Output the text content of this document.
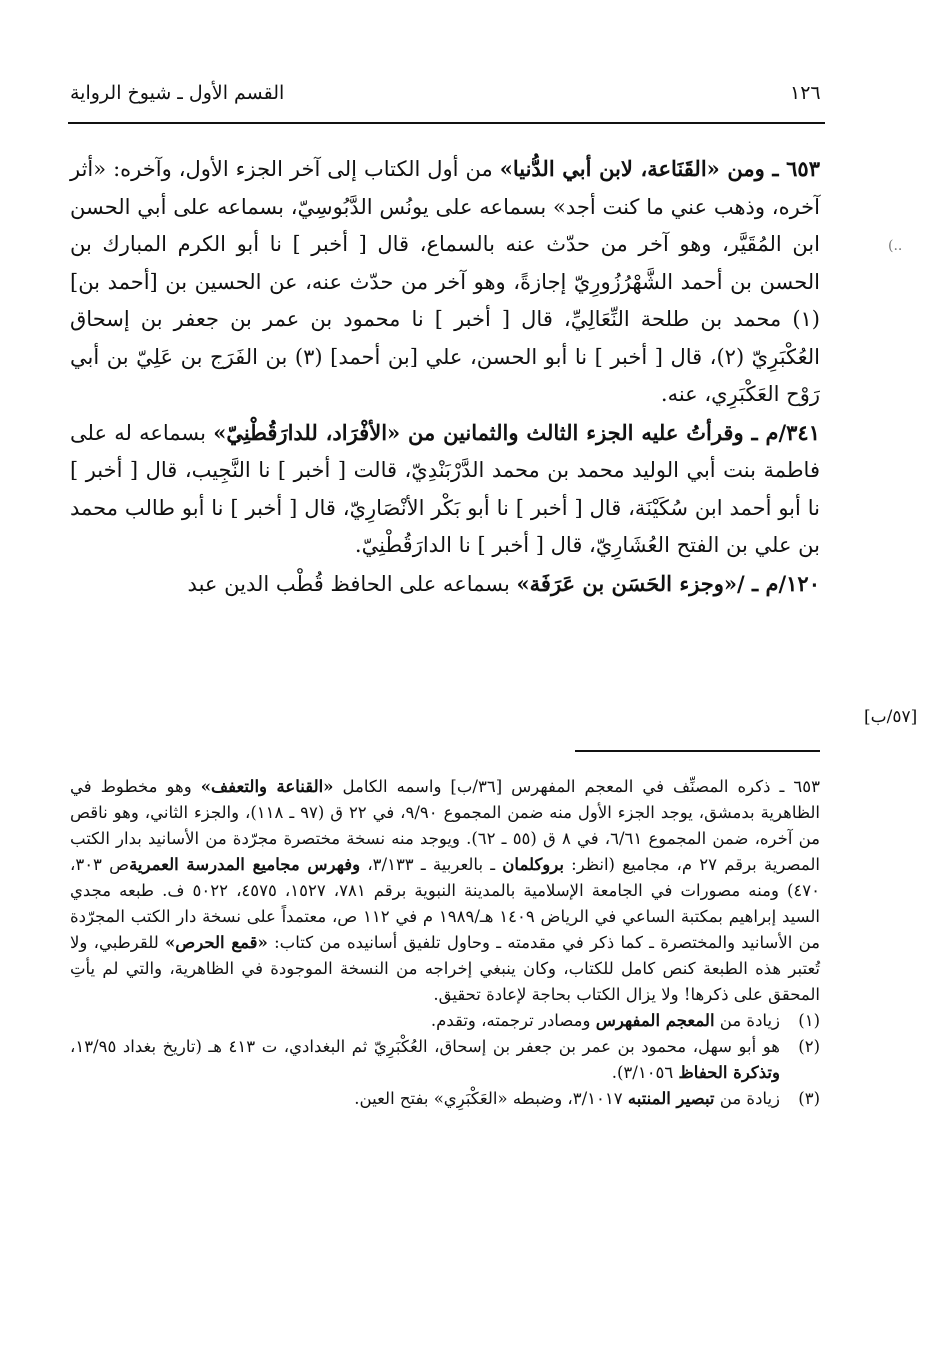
١٢٦
القسم الأول ـ شيوخ الرواية
(..
[٥٧/ب]

٦٥٣ ـ ومن «القَنَاعة، لابن أبي الدُّنيا» من أول الكتاب إلى آخر الجزء الأول، وآخره: «أثر آخره، وذهب عني ما كنت أجد» بسماعه على يونُس الدَّبُوسِيّ، بسماعه على أبي الحسن ابن المُقَيَّر، وهو آخر من حدّث عنه بالسماع، قال [ أخبر ] نا أبو الكرم المبارك بن الحسن بن أحمد الشَّهْرُزُورِيّ إجازةً، وهو آخر من حدّث عنه، عن الحسين بن [أحمد بن] (١) محمد بن طلحة النِّعَالِيِّ، قال [ أخبر ] نا محمود بن عمر بن جعفر بن إسحاق العُكْبَرِيّ (٢)، قال [ أخبر ] نا أبو الحسن، علي [بن أحمد] (٣) بن الفَرَج بن عَلِيّ بن أبي رَوْح العَكْبَرِي، عنه.

٣٤١/م ـ وقرأتُ عليه الجزء الثالث والثمانين من «الأفْرَاد، للدارَقُطْنِيّ» بسماعه له على فاطمة بنت أبي الوليد محمد بن محمد الدَّرْبَنْدِيّ، قالت [ أخبر ] نا النَّجِيب، قال [ أخبر ] نا أبو أحمد ابن سُكَيْنَة، قال [ أخبر ] نا أبو بَكْر الأنْصَارِيّ، قال [ أخبر ] نا أبو طالب محمد بن علي بن الفتح العُشَارِيّ، قال [ أخبر ] نا الدارَقُطْنِيّ.

١٢٠/م ـ /«وجزء الحَسَن بن عَرَفَة» بسماعه على الحافظ قُطْب الدين عبد

٦٥٣ ـ ذكره المصنِّف في المعجم المفهرس [٣٦/ب] واسمه الكامل «القناعة والتعفف» وهو مخطوط في الظاهرية بدمشق، يوجد الجزء الأول منه ضمن المجموع ٩/٩٠، في ٢٢ ق (٩٧ ـ ١١٨)، والجزء الثاني، وهو ناقص من آخره، ضمن المجموع ٦/٦١، في ٨ ق (٥٥ ـ ٦٢). ويوجد منه نسخة مختصرة مجرّدة من الأسانيد بدار الكتب المصرية برقم ٢٧ م، مجاميع (انظر: بروكلمان ـ بالعربية ـ ٣/١٣٣، وفهرس مجاميع المدرسة العمريةص ٣٠٣، ٤٧٠) ومنه مصورات في الجامعة الإسلامية بالمدينة النبوية برقم ٧٨١، ١٥٢٧، ٤٥٧٥، ٥٠٢٢ ف. طبعه مجدي السيد إبراهيم بمكتبة الساعي في الرياض ١٤٠٩ هـ/١٩٨٩ م في ١١٢ ص، معتمداً على نسخة دار الكتب المجرّدة من الأسانيد والمختصرة ـ كما ذكر في مقدمته ـ وحاول تلفيق أسانيده من كتاب: «قمع الحرص» للقرطبي، ولا تُعتبر هذه الطبعة كنص كامل للكتاب، وكان ينبغي إخراجه من النسخة الموجودة في الظاهرية، والتي لم يأتِ المحقق على ذكرها! ولا يزال الكتاب بحاجة لإعادة تحقيق.

(١)زيادة من المعجم المفهرس ومصادر ترجمته، وتقدم.

(٢)هو أبو سهل، محمود بن عمر بن جعفر بن إسحاق، العُكْبَرِيّ ثم البغدادي، ت ٤١٣ هـ (تاريخ بغداد ١٣/٩٥، وتذكرة الحفاظ ٣/١٠٥٦).

(٣)زيادة من تبصير المنتبه ٣/١٠١٧، وضبطه «العَكْبَرِي» بفتح العين.
